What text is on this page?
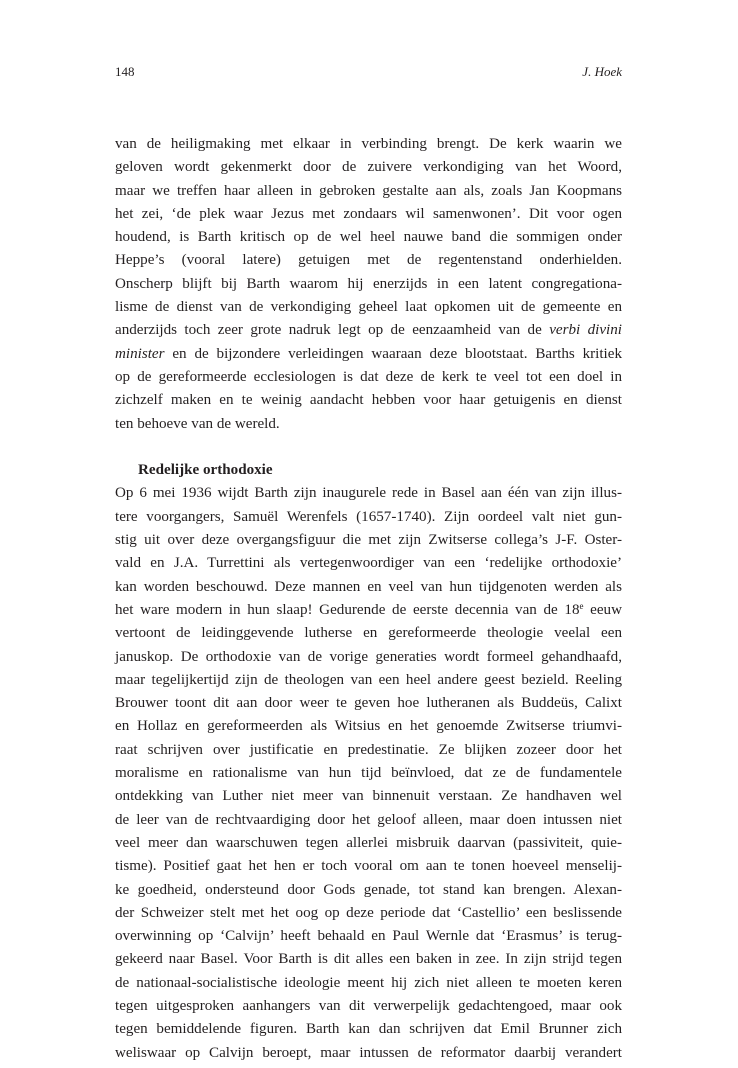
148	J. Hoek
van de heiligmaking met elkaar in verbinding brengt. De kerk waarin we
geloven wordt gekenmerkt door de zuivere verkondiging van het Woord,
maar we treffen haar alleen in gebroken gestalte aan als, zoals Jan Koopmans
het zei, ‘de plek waar Jezus met zondaars wil samenwonen’. Dit voor ogen
houdend, is Barth kritisch op de wel heel nauwe band die sommigen onder
Heppe’s (vooral latere) getuigen met de regentenstand onderhielden.
Onscherp blijft bij Barth waarom hij enerzijds in een latent congregationa-
lisme de dienst van de verkondiging geheel laat opkomen uit de gemeente en
anderzijds toch zeer grote nadruk legt op de eenzaamheid van de verbi divini
minister en de bijzondere verleidingen waaraan deze blootstaat. Barths kritiek
op de gereformeerde ecclesiologen is dat deze de kerk te veel tot een doel in
zichzelf maken en te weinig aandacht hebben voor haar getuigenis en dienst
ten behoeve van de wereld.
Redelijke orthodoxie
Op 6 mei 1936 wijdt Barth zijn inaugurele rede in Basel aan één van zijn illus-
tere voorgangers, Samuël Werenfels (1657-1740). Zijn oordeel valt niet gun-
stig uit over deze overgangsfiguur die met zijn Zwitserse collega’s J-F. Oster-
vald en J.A. Turrettini als vertegenwoordiger van een ‘redelijke orthodoxie’
kan worden beschouwd. Deze mannen en veel van hun tijdgenoten werden als
het ware modern in hun slaap! Gedurende de eerste decennia van de 18e eeuw
vertoont de leidinggevende lutherse en gereformeerde theologie veelal een
januskop. De orthodoxie van de vorige generaties wordt formeel gehandhaafd,
maar tegelijkertijd zijn de theologen van een heel andere geest bezield. Reeling
Brouwer toont dit aan door weer te geven hoe lutheranen als Buddeüs, Calixt
en Hollaz en gereformeerden als Witsius en het genoemde Zwitserse triumvi-
raat schrijven over justificatie en predestinatie. Ze blijken zozeer door het
moralisme en rationalisme van hun tijd beïnvloed, dat ze de fundamentele
ontdekking van Luther niet meer van binnenuit verstaan. Ze handhaven wel
de leer van de rechtvaardiging door het geloof alleen, maar doen intussen niet
veel meer dan waarschuwen tegen allerlei misbruik daarvan (passiviteit, quie-
tisme). Positief gaat het hen er toch vooral om aan te tonen hoeveel menselij-
ke goedheid, ondersteund door Gods genade, tot stand kan brengen. Alexan-
der Schweizer stelt met het oog op deze periode dat ‘Castellio’ een beslissende
overwinning op ‘Calvijn’ heeft behaald en Paul Wernle dat ‘Erasmus’ is terug-
gekeerd naar Basel. Voor Barth is dit alles een baken in zee. In zijn strijd tegen
de nationaal-socialistische ideologie meent hij zich niet alleen te moeten keren
tegen uitgesproken aanhangers van dit verwerpelijk gedachtengoed, maar ook
tegen bemiddelende figuren. Barth kan dan schrijven dat Emil Brunner zich
weliswaar op Calvijn beroept, maar intussen de reformator daarbij verandert
